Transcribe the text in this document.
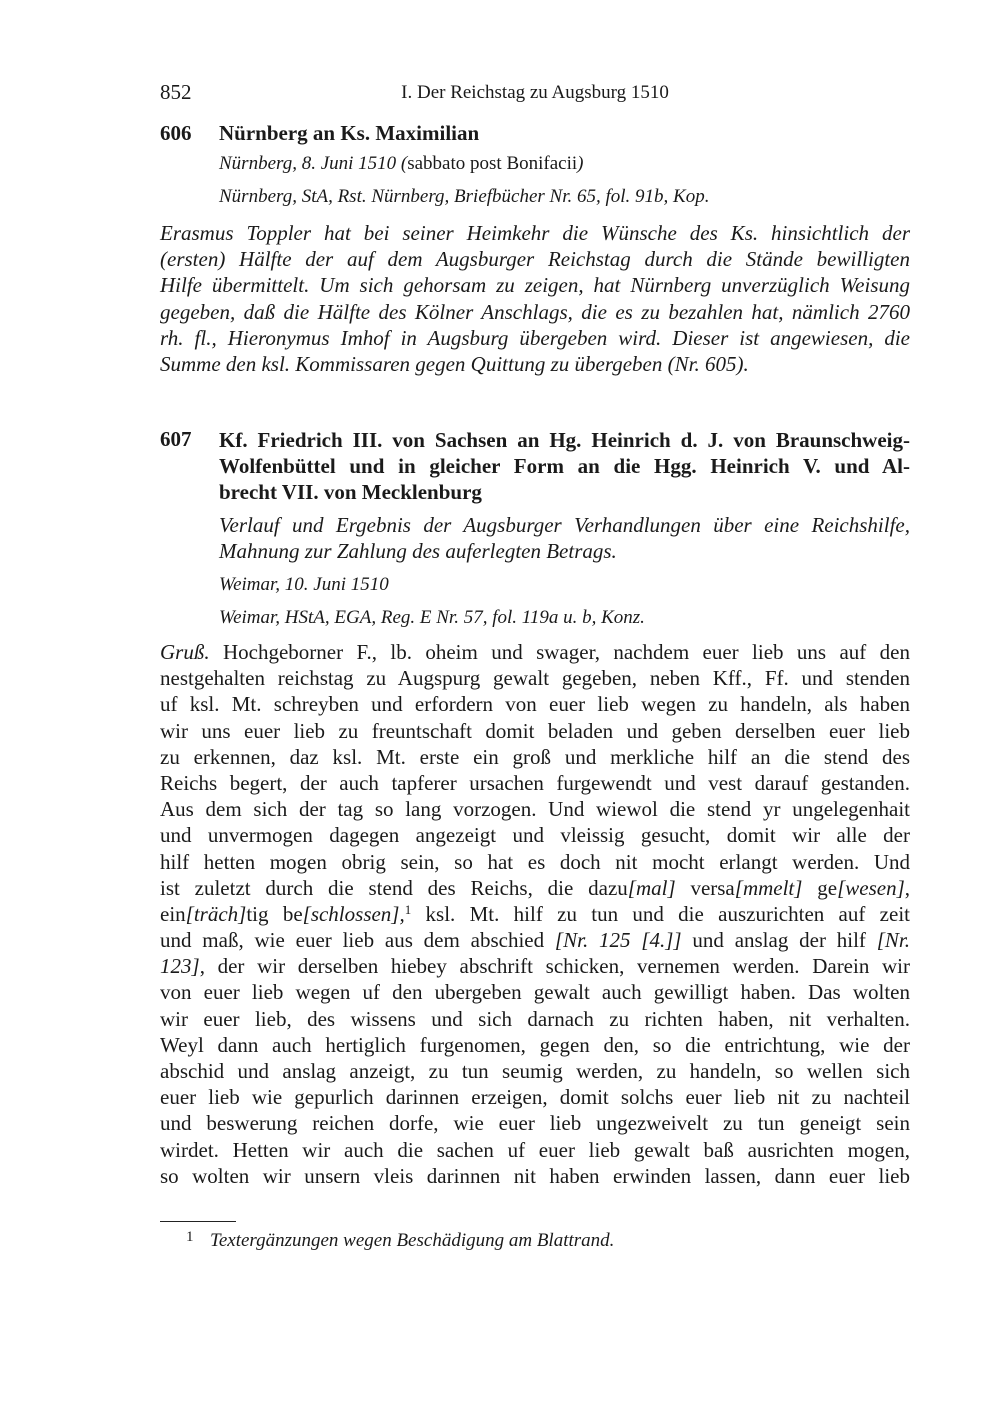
852	I. Der Reichstag zu Augsburg 1510
606 Nürnberg an Ks. Maximilian
Nürnberg, 8. Juni 1510 (sabbato post Bonifacii)
Nürnberg, StA, Rst. Nürnberg, Briefbücher Nr. 65, fol. 91b, Kop.
Erasmus Toppler hat bei seiner Heimkehr die Wünsche des Ks. hinsichtlich der
(ersten) Hälfte der auf dem Augsburger Reichstag durch die Stände bewilligten
Hilfe übermittelt. Um sich gehorsam zu zeigen, hat Nürnberg unverzüglich Weisung
gegeben, daß die Hälfte des Kölner Anschlags, die es zu bezahlen hat, nämlich 2760
rh. fl., Hieronymus Imhof in Augsburg übergeben wird. Dieser ist angewiesen, die
Summe den ksl. Kommissaren gegen Quittung zu übergeben (Nr. 605).
607 Kf. Friedrich III. von Sachsen an Hg. Heinrich d. J. von Braunschweig-
Wolfenbüttel und in gleicher Form an die Hgg. Heinrich V. und Al-
brecht VII. von Mecklenburg
Verlauf und Ergebnis der Augsburger Verhandlungen über eine Reichshilfe,
Mahnung zur Zahlung des auferlegten Betrags.
Weimar, 10. Juni 1510
Weimar, HStA, EGA, Reg. E Nr. 57, fol. 119a u. b, Konz.
Gruß. Hochgeborner F., lb. oheim und swager, nachdem euer lieb uns auf den
nestgehalten reichstag zu Augspurg gewalt gegeben, neben Kff., Ff. und stenden
uf ksl. Mt. schreyben und erfordern von euer lieb wegen zu handeln, als haben
wir uns euer lieb zu freuntschaft domit beladen und geben derselben euer lieb
zu erkennen, daz ksl. Mt. erste ein groß und merkliche hilf an die stend des
Reichs begert, der auch tapferer ursachen furgewendt und vest darauf gestanden.
Aus dem sich der tag so lang vorzogen. Und wiewol die stend yr ungelegenhait
und unvermogen dagegen angezeigt und vleissig gesucht, domit wir alle der
hilf hetten mogen obrig sein, so hat es doch nit mocht erlangt werden. Und
ist zuletzt durch die stend des Reichs, die dazu[mal] versa[mmelt] ge[wesen],
ein[träch]tig be[schlossen],$^1$ ksl. Mt. hilf zu tun und die auszurichten auf zeit
und maß, wie euer lieb aus dem abschied [Nr. 125 [4.]] und anslag der hilf [Nr.
123], der wir derselben hiebey abschrift schicken, vernemen werden. Darein wir
von euer lieb wegen uf den ubergeben gewalt auch gewilligt haben. Das wolten
wir euer lieb, des wissens und sich darnach zu richten haben, nit verhalten.
Weyl dann auch hertiglich furgenomen, gegen den, so die entrichtung, wie der
abschid und anslag anzeigt, zu tun seumig werden, zu handeln, so wellen sich
euer lieb wie gepurlich darinnen erzeigen, domit solchs euer lieb nit zu nachteil
und beswerung reichen dorfe, wie euer lieb ungezweivelt zu tun geneigt sein
wirdet. Hetten wir auch die sachen uf euer lieb gewalt baß ausrichten mogen,
so wolten wir unsern vleis darinnen nit haben erwinden lassen, dann euer lieb
1 Textergänzungen wegen Beschädigung am Blattrand.
